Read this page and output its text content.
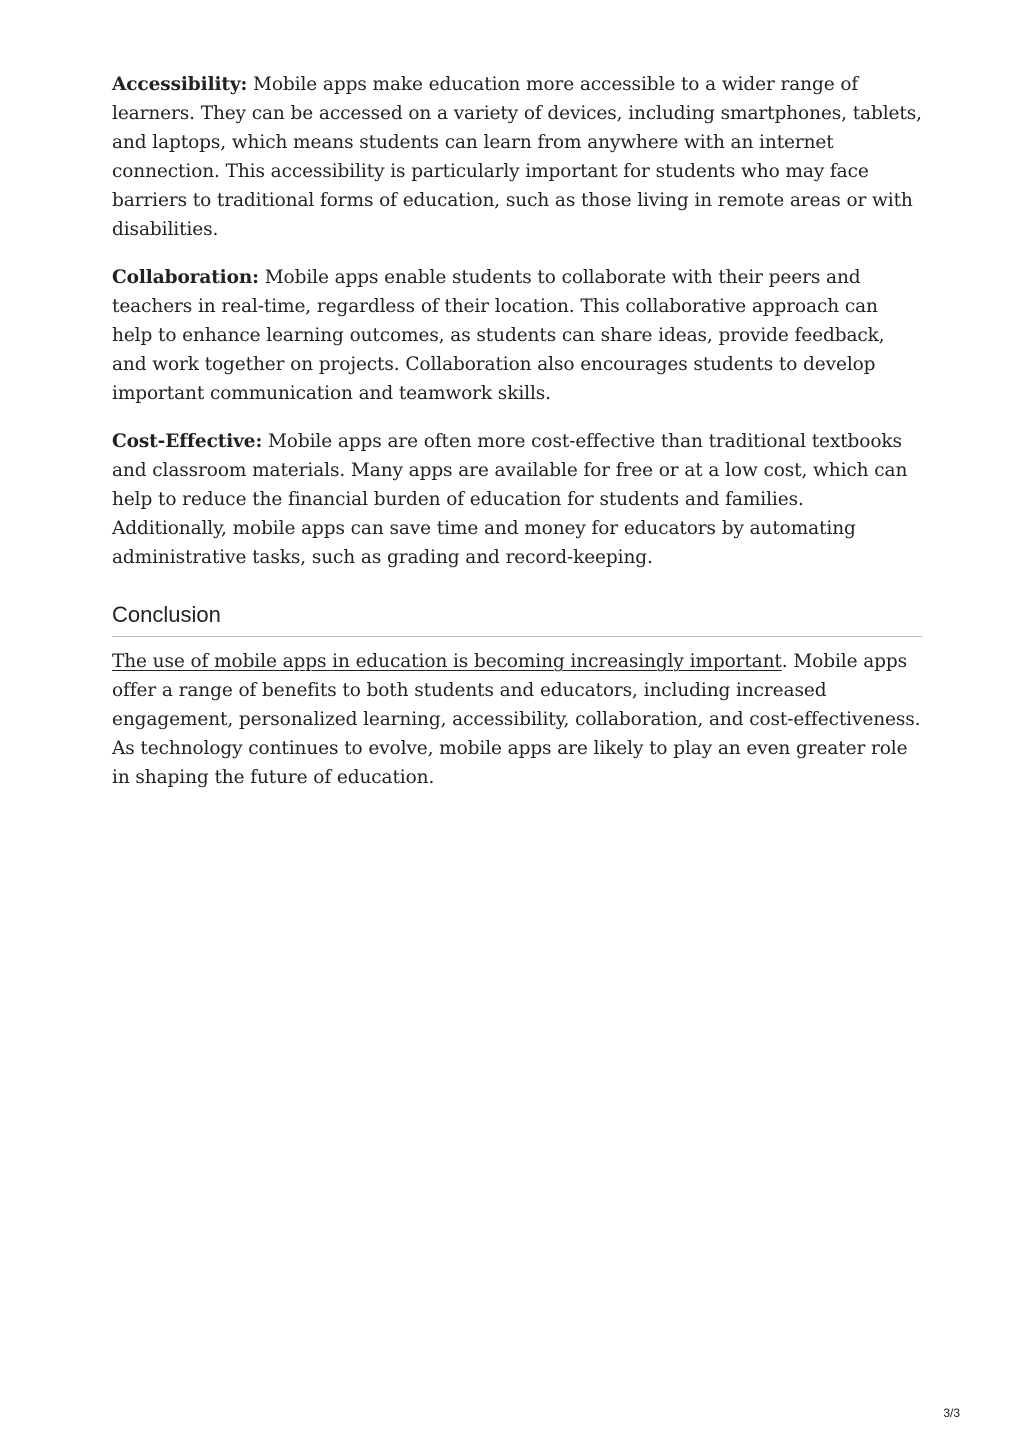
Accessibility: Mobile apps make education more accessible to a wider range of learners. They can be accessed on a variety of devices, including smartphones, tablets, and laptops, which means students can learn from anywhere with an internet connection. This accessibility is particularly important for students who may face barriers to traditional forms of education, such as those living in remote areas or with disabilities.

Collaboration: Mobile apps enable students to collaborate with their peers and teachers in real-time, regardless of their location. This collaborative approach can help to enhance learning outcomes, as students can share ideas, provide feedback, and work together on projects. Collaboration also encourages students to develop important communication and teamwork skills.

Cost-Effective: Mobile apps are often more cost-effective than traditional textbooks and classroom materials. Many apps are available for free or at a low cost, which can help to reduce the financial burden of education for students and families. Additionally, mobile apps can save time and money for educators by automating administrative tasks, such as grading and record-keeping.

Conclusion

The use of mobile apps in education is becoming increasingly important. Mobile apps offer a range of benefits to both students and educators, including increased engagement, personalized learning, accessibility, collaboration, and cost-effectiveness. As technology continues to evolve, mobile apps are likely to play an even greater role in shaping the future of education.

3/3
